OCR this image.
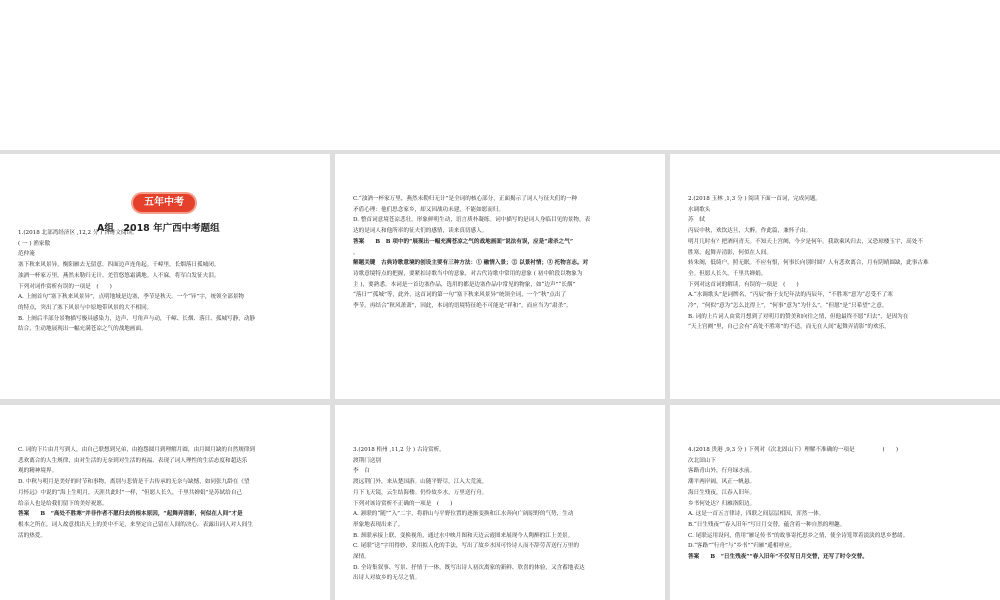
五年中考
A组　2018 年广西中考题组
1.(2018 北部湾经济区 ,12,2 分 ) 古诗文阅读。
( 一 ) 渔家傲
范仲淹
塞下秋来风景异，衡阳雁去无留意。四面边声连角起。千嶂里，长烟落日孤城闭。
浊酒一杯家万里，燕然未勒归无计。羌管悠悠霜满地。人不寐，将军白发征夫泪。
下列对词作赏析有误的一项是　(　　)
A. 上阕首句“塞下秋来风景异”，点明地域是边塞，季节是秋天。一个“异”字，统领全部景物
的特点，突出了塞下风景与中原地带风景的大不相同。
B. 上阕后半部分景物描写极具感染力，边声、号角声与动，千嶂、长烟、落日、孤城写静，动静
结合，生动地展现出一幅充满苍凉之气的战地画面。
C.“浊酒一杯家万里，燕然未勒归无计”是全词的核心部分，正面揭示了词人与征夫们的一种
矛盾心理：他们思念家乡，却又因战功未建，不能如愿而归。
D. 整首词意境苍凉悲壮，形象鲜明生动，语言质朴凝练。词中描写的是词人身临目见的景物，表
达的是词人和他所率的征夫们的感情，读来真切感人。
答案　　B　B 项中的“展现出一幅充满苍凉之气的战地画面”说法有误，应是“肃杀之气”
。
解题关键　古典诗歌意境的创设主要有三种方法：① 融情入景；② 以景衬情；③ 托物言志。对
诗歌意境特点的把握，要紧扣诗歌当中的意象，对古代诗歌中常用的意象 ( 初中阶段以物象为
主 )，要熟悉。本词是一首边塞作品，选用的都是边塞作品中常见的物象，如“边声”“长烟”
“落日”“孤城”等，此外，这首词的第一句“塞下秋来风景异”统领全词，一个“秋”点出了
季节。再结合“秋风萧萧”，因此，本词的语境特征绝不可能是“祥和”，而应当为“肃杀”。
2.(2018 玉林 ,1,3 分 ) 阅读下面一首词，完成问题。
水调歌头
苏　轼
丙辰中秋，欢饮达旦，大醉。作此篇，兼怀子由。
明月几时有？把酒问青天。不知天上宫阙，今夕是何年。我欲乘风归去，又恐琼楼玉宇，高处不
胜寒。起舞弄清影，何似在人间。
转朱阁，低绮户，照无眠。不应有恨，何事长向别时圆？人有悲欢离合，月有阴晴圆缺，此事古难
全。但愿人长久，千里共婵娟。
下列对这首词的解读，有误的一项是　(　　)
A.“水调歌头”是词牌名，“丙辰”指于支纪年法的丙辰年，“不胜寒”意为“忍受不了寒
冷”，“何似”意为“怎么比得上”，“何事”意为“为什么”，“但愿”是“只希望”之意。
B. 词的上片词人由赏月想到了对明月的赞美和向往之情，但他最终不愿“归去”，是因为在
“天上宫阙”里，自己会有“高处不胜寒”的不适，而无在人间“起舞弄清影”的欢乐。
C. 词的下片由月写到人，由自己联想到兄弟，由抱怨圆月到理解月圆，由月圆月缺的自然规律到
悲欢离合的人生规律，由对生活的无奈到对生活的祝福，表现了词人理性的生活态度和超达乐
观的精神境界。
D. 中秋与明月是美好的时节和事物，离别与悲情是千古传承的无奈与缺憾，如同张九龄在《望
月怀远》中说的“海上生明月，天涯共此时”一样，“但愿人长久，千里共婵娟”是苏轼给自己
给亲人也是给我们留下的美好祝愿。
答案　　B　“高处不胜寒”并非作者不愿归去的根本原因，“起舞弄清影，何似在人间”才是
根本之所在，词人故意找出天上的美中不足，来坚定自己留在人间的决心，表露出词人对人间生
活的热爱。
3.(2018 梧州 ,11,2 分 ) 古诗赏析。
渡荆门送别
李　白
渡远荆门外，来从楚国游。山随平野尽，江入大荒流。
月下飞天镜，云生结海楼。仍怜故乡水，万里送行舟。
下列对该诗赏析不正确的一项是　(　　)
A. 颔联的“随”“入”二字，将群山与平野位置的逐渐变换和江水奔向广阔原野的气势，生动
形象地表现出来了。
B. 颈联承接上联，变换视角，通过水中映月图和天边云霞图来展现今人陶醉的江上美景。
C. 尾联“送”字用得妙，采用拟人化的手法，写出了故乡水因可怜诗人而不辞劳苦送行万里的
深情。
D. 全诗集叙事、写景、抒情于一体，既写出诗人初次离家的新鲜、欣喜的体验，又含蓄地表达
出诗人对故乡的无尽之情。
4.(2018 贵港 ,9,3 分 ) 下列对《次北固山下》理解不准确的一项是　　　　　(　　)
次北固山下
客路青山外，行舟绿水前。
潮平两岸阔，风正一帆悬。
海日生残夜，江春入旧年。
乡书何处达？归雁洛阳边。
A. 这是一首五言律诗，四联之间层层相因，浑然一体。
B.“日生残夜”“春入旧年”写日月交替，蕴含着一种自然的理趣。
C. 尾联运用设问，借用“雁足传书”的故事寄托思乡之情，使全诗笼罩着淡淡的思乡愁绪。
D.“客路”“行舟”与“乡书”“归雁”遥相呼应。
答案　　B　“日生残夜”“春入旧年”不仅写日月交替，还写了时令交替。
